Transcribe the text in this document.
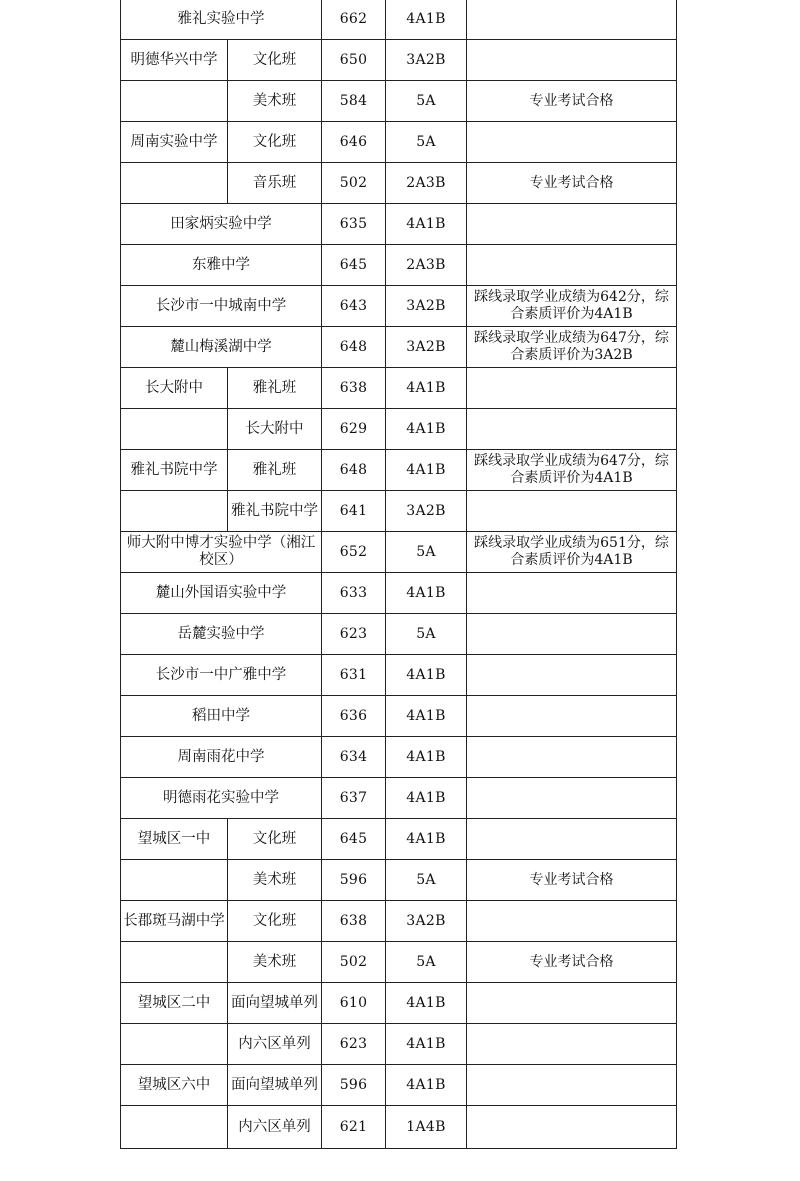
雅礼实验中学		662	4A1B	
明德华兴中学	文化班	650	3A2B	
	美术班	584	5A	专业考试合格
周南实验中学	文化班	646	5A	
	音乐班	502	2A3B	专业考试合格
田家炳实验中学		635	4A1B	
东雅中学		645	2A3B	
长沙市一中城南中学		643	3A2B	踩线录取学业成绩为642分，综合素质评价为4A1B
麓山梅溪湖中学		648	3A2B	踩线录取学业成绩为647分，综合素质评价为3A2B
长大附中	雅礼班	638	4A1B	
	长大附中	629	4A1B	
雅礼书院中学	雅礼班	648	4A1B	踩线录取学业成绩为647分，综合素质评价为4A1B
	雅礼书院中学	641	3A2B	
师大附中博才实验中学（湘江校区）		652	5A	踩线录取学业成绩为651分，综合素质评价为4A1B
麓山外国语实验中学		633	4A1B	
岳麓实验中学		623	5A	
长沙市一中广雅中学		631	4A1B	
稻田中学		636	4A1B	
周南雨花中学		634	4A1B	
明德雨花实验中学		637	4A1B	
望城区一中	文化班	645	4A1B	
	美术班	596	5A	专业考试合格
长郡斑马湖中学	文化班	638	3A2B	
	美术班	502	5A	专业考试合格
望城区二中	面向望城单列	610	4A1B	
	内六区单列	623	4A1B	
望城区六中	面向望城单列	596	4A1B	
	内六区单列	621	1A4B	
